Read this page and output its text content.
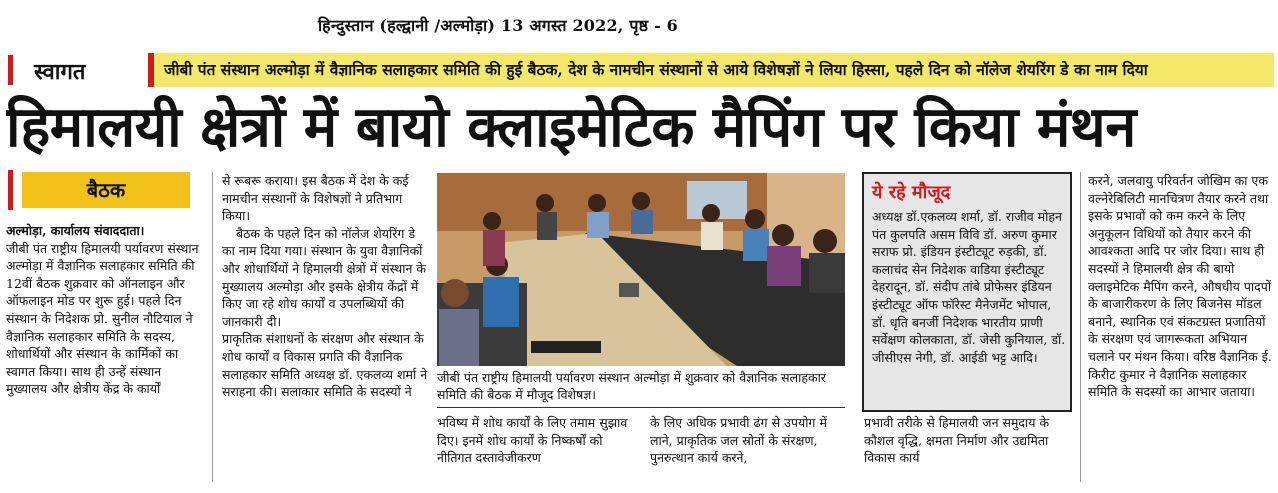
हिन्दुस्तान (हल्द्वानी /अल्मोड़ा) 13 अगस्त 2022, पृष्ठ - 6
स्वागत	जीबी पंत संस्थान अल्मोड़ा में वैज्ञानिक सलाहकार समिति की हुई बैठक, देश के नामचीन संस्थानों से आये विशेषज्ञों ने लिया हिस्सा, पहले दिन को नॉलेज शेयरिंग डे का नाम दिया
हिमालयी क्षेत्रों में बायो क्लाइमेटिक मैपिंग पर किया मंथन
बैठक

अल्मोड़ा, कार्यालय संवाददाता।

जीबी पंत राष्ट्रीय हिमालयी पर्यावरण संस्थान अल्मोड़ा में वैज्ञानिक सलाहकार समिति की 12वीं बैठक शुक्रवार को ऑनलाइन और ऑफलाइन मोड पर शुरू हुई। पहले दिन संस्थान के निदेशक प्रो. सुनील नौटियाल ने वैज्ञानिक सलाहकार समिति के सदस्य, शोधार्थियों और संस्थान के कार्मिकों का स्वागत किया। साथ ही उन्हें संस्थान मुख्यालय और क्षेत्रीय केंद्र के कार्यों

से रूबरू कराया। इस बैठक में देश के कई नामचीन संस्थानों के विशेषज्ञों ने प्रतिभाग किया।

बैठक के पहले दिन को नॉलेज शेयरिंग डे का नाम दिया गया। संस्थान के युवा वैज्ञानिकों और शोधार्थियों ने हिमालयी क्षेत्रों में संस्थान के मुख्यालय अल्मोड़ा और इसके क्षेत्रीय केंद्रों में किए जा रहे शोध कार्यों व उपलब्धियों की जानकारी दी।

प्राकृतिक संशाधनों के संरक्षण और संस्थान के शोध कार्यों व विकास प्रगति की वैज्ञानिक सलाहकार समिति अध्यक्ष डॉ. एकलव्य शर्मा ने सराहना की। सलाकार समिति के सदस्यों ने

जीबी पंत राष्ट्रीय हिमालयी पर्यावरण संस्थान अल्मोड़ा में शुक्रवार को वैज्ञानिक सलाहकार समिति की बैठक में मौजूद विशेषज्ञ।

भविष्य में शोध कार्यों के लिए तमाम सुझाव दिए। इनमें शोध कार्यों के निष्कर्षों को नीतिगत दस्तावेजीकरण

के लिए अधिक प्रभावी ढंग से उपयोग में लाने, प्राकृतिक जल स्रोतों के संरक्षण, पुनरुत्थान कार्य करने,

ये रहे मौजूद
अध्यक्ष डॉ.एकलव्य शर्मा, डॉ. राजीव मोहन पंत कुलपति असम विवि डॉ. अरुण कुमार सराफ प्रो. इंडियन इंस्टीट्यूट रुड़की, डॉ. कलाचंद सेन निदेशक वाडिया इंस्टीट्यूट देहरादून, डॉ. संदीप तांबे प्रोफेसर इंडियन इंस्टीट्यूट ऑफ फॉरेस्ट मैनेजमेंट भोपाल, डॉ. धृति बनर्जी निदेशक भारतीय प्राणी सर्वेक्षण कोलकाता, डॉ. जेसी कुनियाल, डॉ. जीसीएस नेगी, डॉ. आईडी भट्ट आदि।

प्रभावी तरीके से हिमालयी जन समुदाय के कौशल वृद्धि, क्षमता निर्माण और उद्यमिता विकास कार्य

करने, जलवायु परिवर्तन जोखिम का एक वल्नेरेबिलिटी मानचित्रण तैयार करने तथा इसके प्रभावों को कम करने के लिए अनुकूलन विधियों को तैयार करने की आवश्कता आदि पर जोर दिया। साथ ही सदस्यों ने हिमालयी क्षेत्र की बायो क्लाइमेटिक मैपिंग करने, औषधीय पादपों के बाजारीकरण के लिए बिजनेस मॉडल बनाने, स्थानिक एवं संकटग्रस्त प्रजातियों के संरक्षण एवं जागरूकता अभियान चलाने पर मंथन किया। वरिष्ठ वैज्ञानिक ई. किरीट कुमार ने वैज्ञानिक सलाहकार समिति के सदस्यों का आभार जताया।
